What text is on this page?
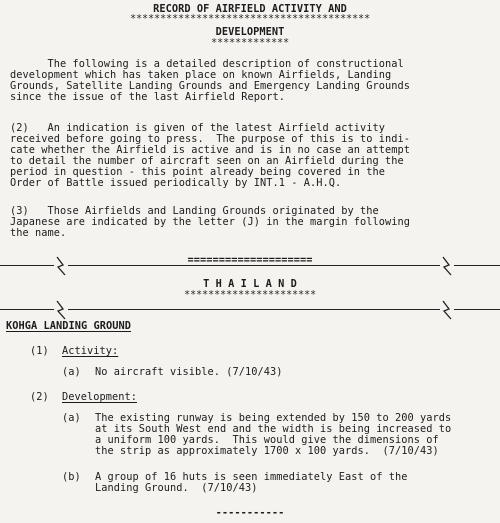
RECORD OF AIRFIELD ACTIVITY AND
****************************************
DEVELOPMENT
*************
The following is a detailed description of constructional
development which has taken place on known Airfields, Landing
Grounds, Satellite Landing Grounds and Emergency Landing Grounds
since the issue of the last Airfield Report.
(2)   An indication is given of the latest Airfield activity
received before going to press.  The purpose of this is to indi-
cate whether the Airfield is active and is in no case an attempt
to detail the number of aircraft seen on an Airfield during the
period in question - this point already being covered in the
Order of Battle issued periodically by INT.1 - A.H.Q.
(3)   Those Airfields and Landing Grounds originated by the
Japanese are indicated by the letter (J) in the margin following
the name.
====================
T H A I L A N D
**********************
KOHGA LANDING GROUND
(1) Activity:
(a) No aircraft visible. (7/10/43)
(2) Development:
(a) The existing runway is being extended by 150 to 200 yards
at its South West end and the width is being increased to
a uniform 100 yards.  This would give the dimensions of
the strip as approximately 1700 x 100 yards.  (7/10/43)
(b) A group of 16 huts is seen immediately East of the
Landing Ground.  (7/10/43)
-----------
